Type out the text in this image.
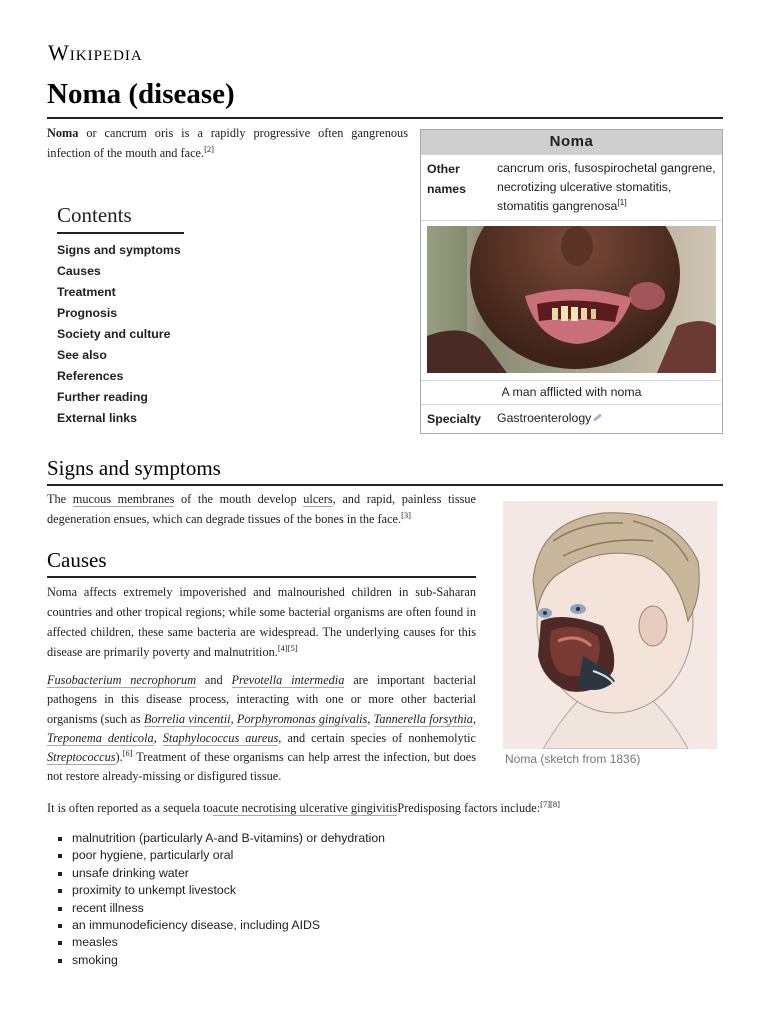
Wikipedia
Noma (disease)

Noma or cancrum oris is a rapidly progressive often gangrenous infection of the mouth and face.[2]

Contents
Signs and symptoms
Causes
Treatment
Prognosis
Society and culture
See also
References
Further reading
External links
Noma
Other names
cancrum oris, fusospirochetal gangrene, necrotizing ulcerative stomatitis, stomatitis gangrenosa[1]
A man afflicted with noma
Specialty	Gastroenterology
Signs and symptoms

The mucous membranes of the mouth develop ulcers, and rapid, painless tissue degeneration ensues, which can degrade tissues of the bones in the face.[3]

Causes

Noma affects extremely impoverished and malnourished children in sub-Saharan countries and other tropical regions; while some bacterial organisms are often found in affected children, these same bacteria are widespread. The underlying causes for this disease are primarily poverty and malnutrition.[4][5]

Fusobacterium necrophorum and Prevotella intermedia are important bacterial pathogens in this disease process, interacting with one or more other bacterial organisms (such as Borrelia vincentii, Porphyromonas gingivalis, Tannerella forsythia, Treponema denticola, Staphylococcus aureus, and certain species of nonhemolytic Streptococcus).[6] Treatment of these organisms can help arrest the infection, but does not restore already-missing or disfigured tissue.

Noma (sketch from 1836)

It is often reported as a sequela toacute necrotising ulcerative gingivitisPredisposing factors include:[7][8]

malnutrition (particularly A-and B-vitamins) or dehydration
poor hygiene, particularly oral
unsafe drinking water
proximity to unkempt livestock
recent illness
an immunodeficiency disease, including AIDS
measles
smoking
